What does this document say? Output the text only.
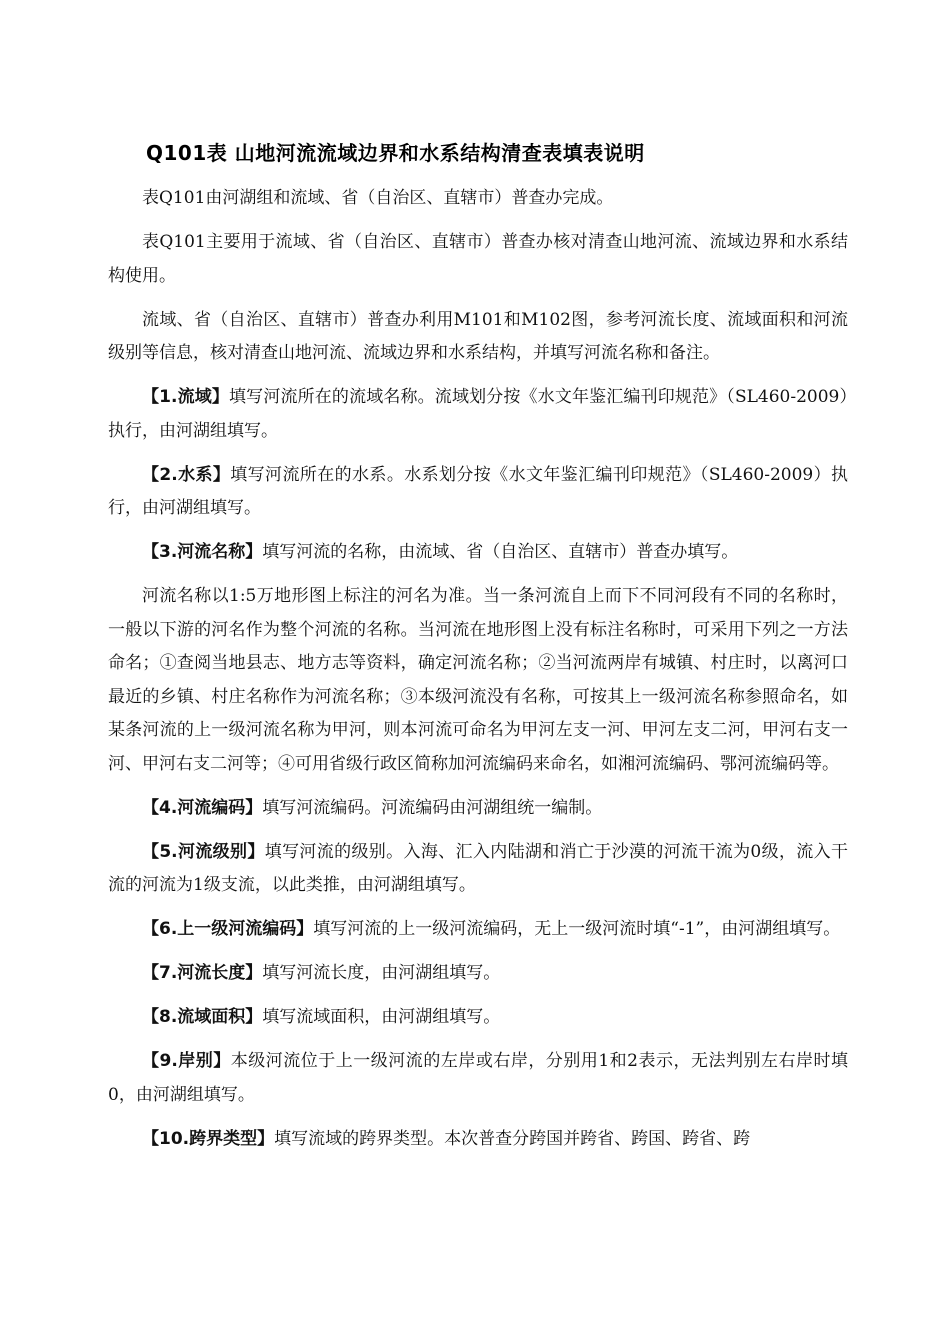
Q101表 山地河流流域边界和水系结构清查表填表说明

表Q101由河湖组和流域、省（自治区、直辖市）普查办完成。

表Q101主要用于流域、省（自治区、直辖市）普查办核对清查山地河流、流域边界和水系结构使用。

流域、省（自治区、直辖市）普查办利用M101和M102图，参考河流长度、流域面积和河流级别等信息，核对清查山地河流、流域边界和水系结构，并填写河流名称和备注。

【1.流域】填写河流所在的流域名称。流域划分按《水文年鉴汇编刊印规范》（SL460-2009）执行，由河湖组填写。

【2.水系】填写河流所在的水系。水系划分按《水文年鉴汇编刊印规范》（SL460-2009）执行，由河湖组填写。

【3.河流名称】填写河流的名称，由流域、省（自治区、直辖市）普查办填写。

河流名称以1:5万地形图上标注的河名为准。当一条河流自上而下不同河段有不同的名称时，一般以下游的河名作为整个河流的名称。当河流在地形图上没有标注名称时，可采用下列之一方法命名；①查阅当地县志、地方志等资料，确定河流名称；②当河流两岸有城镇、村庄时，以离河口最近的乡镇、村庄名称作为河流名称；③本级河流没有名称，可按其上一级河流名称参照命名，如某条河流的上一级河流名称为甲河，则本河流可命名为甲河左支一河、甲河左支二河，甲河右支一河、甲河右支二河等；④可用省级行政区简称加河流编码来命名，如湘河流编码、鄂河流编码等。

【4.河流编码】填写河流编码。河流编码由河湖组统一编制。

【5.河流级别】填写河流的级别。入海、汇入内陆湖和消亡于沙漠的河流干流为0级，流入干流的河流为1级支流，以此类推，由河湖组填写。

【6.上一级河流编码】填写河流的上一级河流编码，无上一级河流时填“-1”，由河湖组填写。

【7.河流长度】填写河流长度，由河湖组填写。

【8.流域面积】填写流域面积，由河湖组填写。

【9.岸别】本级河流位于上一级河流的左岸或右岸，分别用1和2表示，无法判别左右岸时填0，由河湖组填写。

【10.跨界类型】填写流域的跨界类型。本次普查分跨国并跨省、跨国、跨省、跨
